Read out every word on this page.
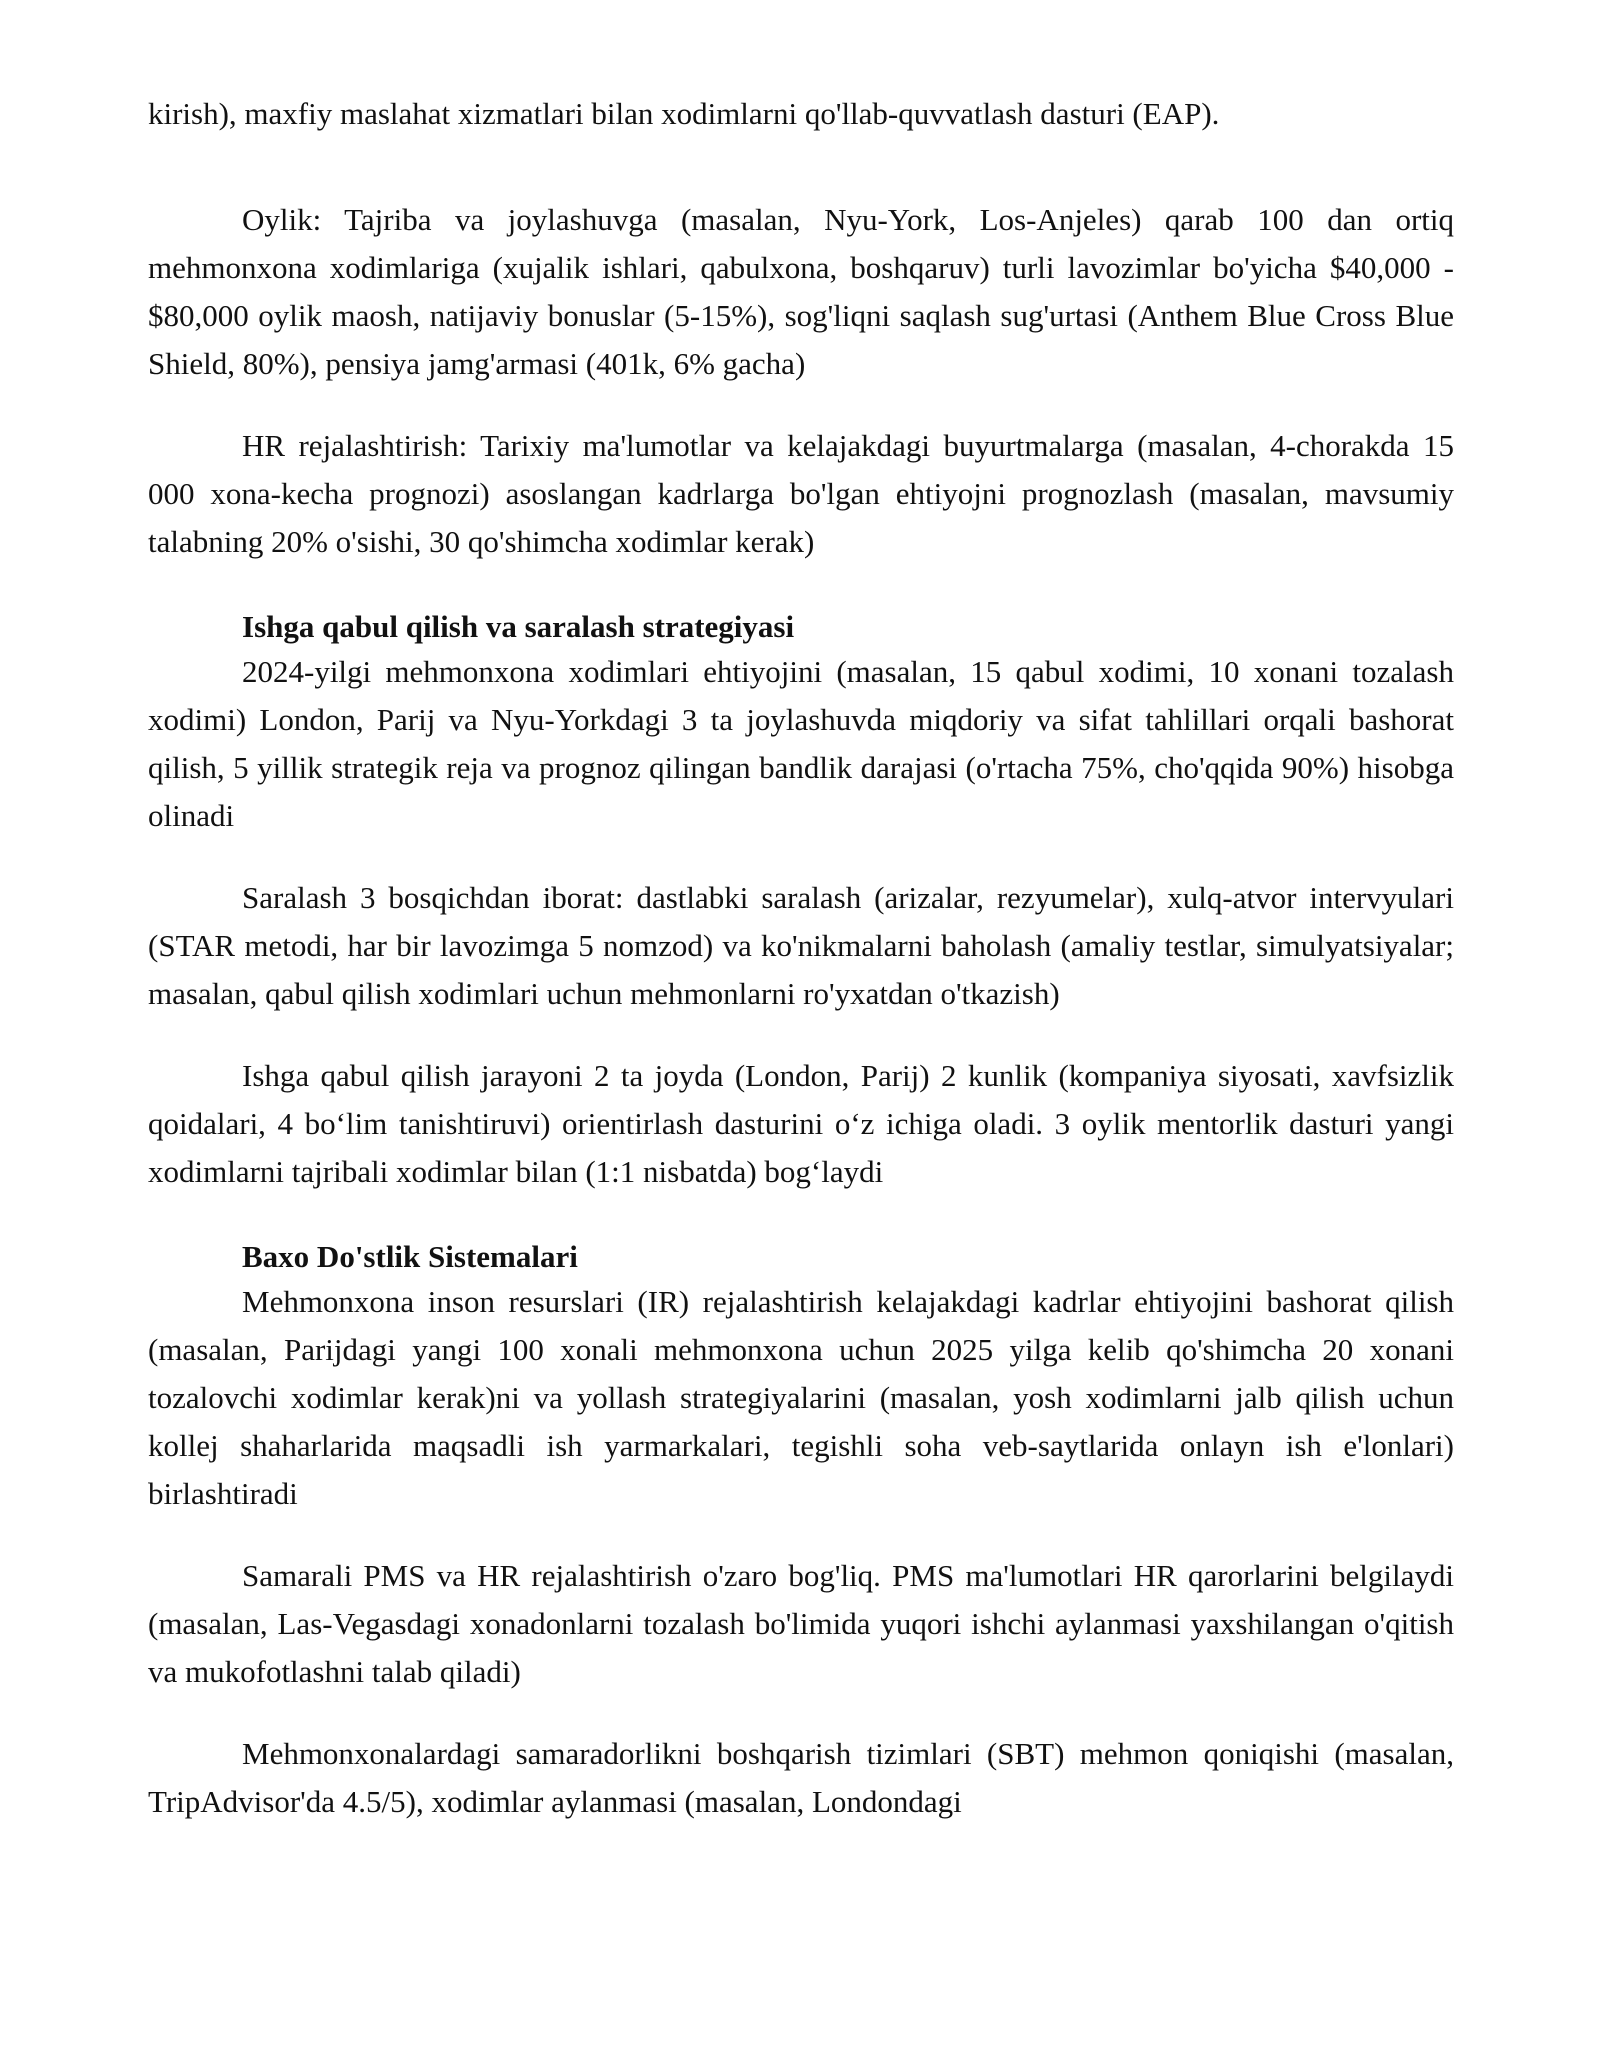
kirish), maxfiy maslahat xizmatlari bilan xodimlarni qo'llab-quvvatlash dasturi (EAP).

Oylik: Tajriba va joylashuvga (masalan, Nyu-York, Los-Anjeles) qarab 100 dan ortiq mehmonxona xodimlariga (xujalik ishlari, qabulxona, boshqaruv) turli lavozimlar bo'yicha $40,000 - $80,000 oylik maosh, natijaviy bonuslar (5-15%), sog'liqni saqlash sug'urtasi (Anthem Blue Cross Blue Shield, 80%), pensiya jamg'armasi (401k, 6% gacha)

HR rejalashtirish: Tarixiy ma'lumotlar va kelajakdagi buyurtmalarga (masalan, 4-chorakda 15 000 xona-kecha prognozi) asoslangan kadrlarga bo'lgan ehtiyojni prognozlash (masalan, mavsumiy talabning 20% o'sishi, 30 qo'shimcha xodimlar kerak)

Ishga qabul qilish va saralash strategiyasi

2024-yilgi mehmonxona xodimlari ehtiyojini (masalan, 15 qabul xodimi, 10 xonani tozalash xodimi) London, Parij va Nyu-Yorkdagi 3 ta joylashuvda miqdoriy va sifat tahlillari orqali bashorat qilish, 5 yillik strategik reja va prognoz qilingan bandlik darajasi (o'rtacha 75%, cho'qqida 90%) hisobga olinadi

Saralash 3 bosqichdan iborat: dastlabki saralash (arizalar, rezyumelar), xulq-atvor intervyulari (STAR metodi, har bir lavozimga 5 nomzod) va ko'nikmalarni baholash (amaliy testlar, simulyatsiyalar; masalan, qabul qilish xodimlari uchun mehmonlarni ro'yxatdan o'tkazish)

Ishga qabul qilish jarayoni 2 ta joyda (London, Parij) 2 kunlik (kompaniya siyosati, xavfsizlik qoidalari, 4 bo‘lim tanishtiruvi) orientirlash dasturini o‘z ichiga oladi. 3 oylik mentorlik dasturi yangi xodimlarni tajribali xodimlar bilan (1:1 nisbatda) bog‘laydi

Baxo Do'stlik Sistemalari

Mehmonxona inson resurslari (IR) rejalashtirish kelajakdagi kadrlar ehtiyojini bashorat qilish (masalan, Parijdagi yangi 100 xonali mehmonxona uchun 2025 yilga kelib qo'shimcha 20 xonani tozalovchi xodimlar kerak)ni va yollash strategiyalarini (masalan, yosh xodimlarni jalb qilish uchun kollej shaharlarida maqsadli ish yarmarkalari, tegishli soha veb-saytlarida onlayn ish e'lonlari) birlashtiradi

Samarali PMS va HR rejalashtirish o'zaro bog'liq. PMS ma'lumotlari HR qarorlarini belgilaydi (masalan, Las-Vegasdagi xonadonlarni tozalash bo'limida yuqori ishchi aylanmasi yaxshilangan o'qitish va mukofotlashni talab qiladi)

Mehmonxonalardagi samaradorlikni boshqarish tizimlari (SBT) mehmon qoniqishi (masalan, TripAdvisor'da 4.5/5), xodimlar aylanmasi (masalan, Londondagi
